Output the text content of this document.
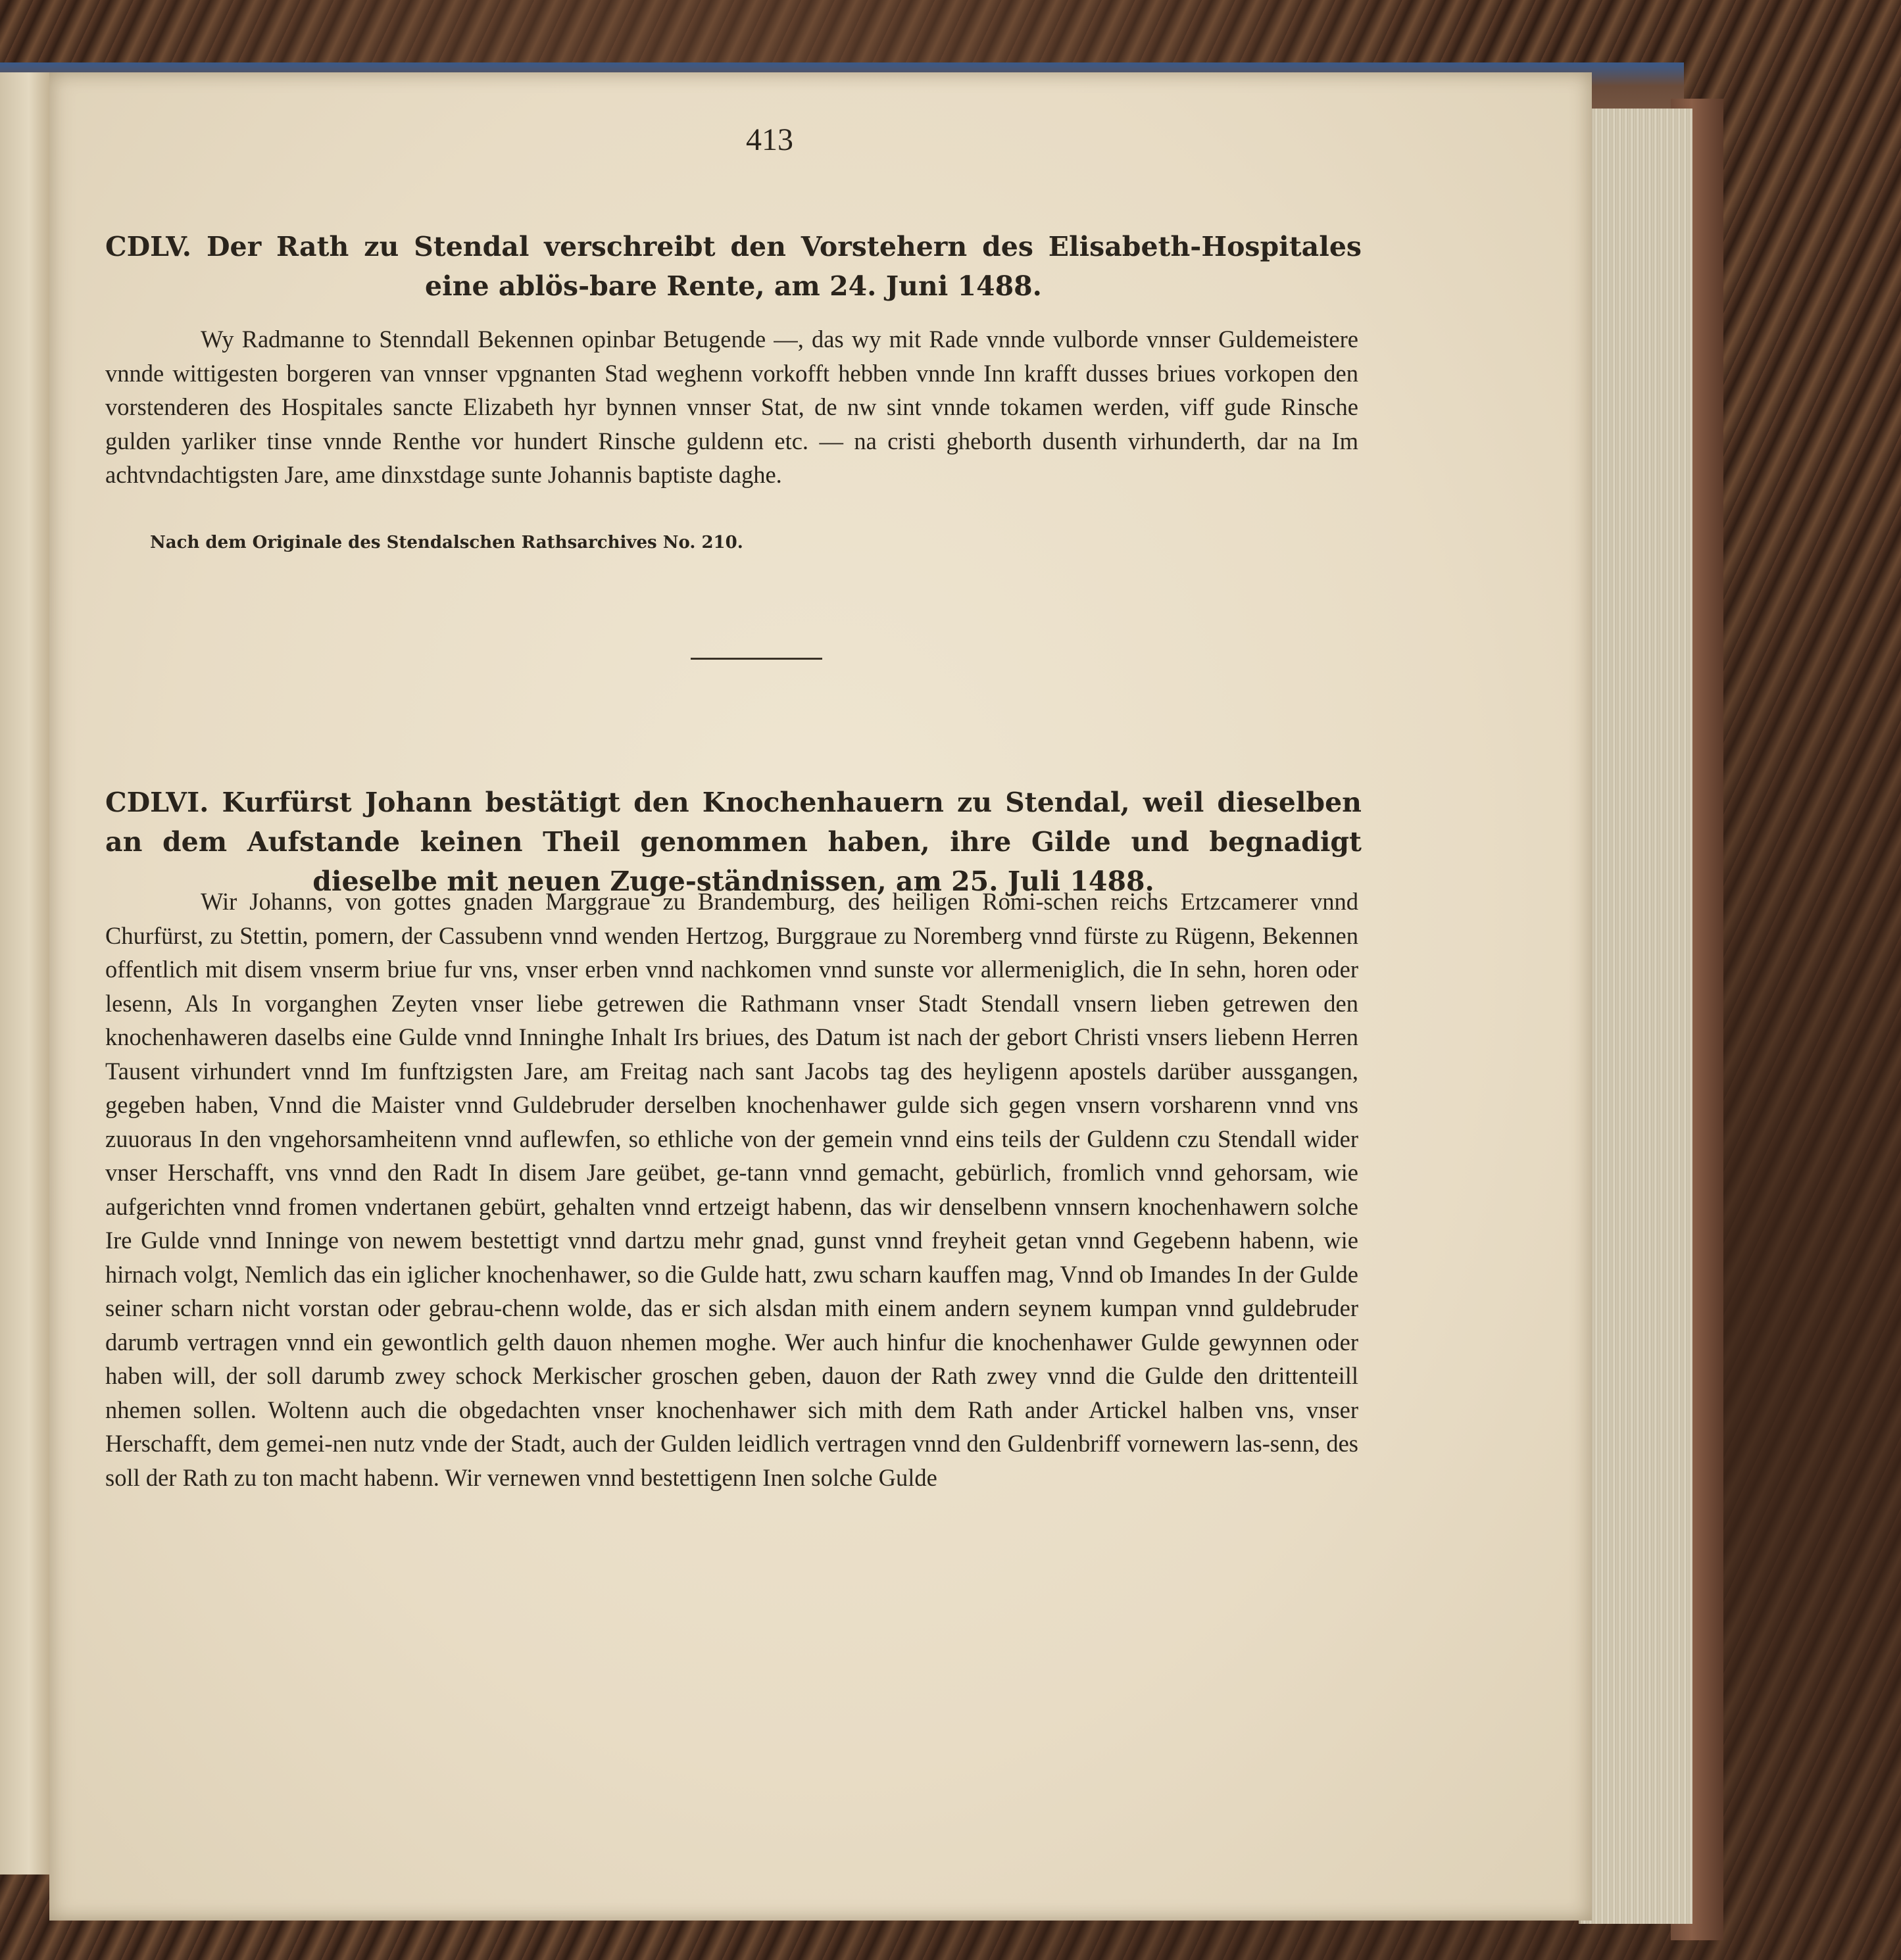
413
CDLV. Der Rath zu Stendal verschreibt den Vorstehern des Elisabeth-Hospitales eine ablös-bare Rente, am 24. Juni 1488.

Wy Radmanne to Stenndall Bekennen opinbar Betugende —, das wy mit Rade vnnde vulborde vnnser Guldemeistere vnnde wittigesten borgeren van vnnser vpgnanten Stad weghenn vorkofft hebben vnnde Inn krafft dusses briues vorkopen den vorstenderen des Hospitales sancte Elizabeth hyr bynnen vnnser Stat, de nw sint vnnde tokamen werden, viff gude Rinsche gulden yarliker tinse vnnde Renthe vor hundert Rinsche guldenn etc. — na cristi gheborth dusenth virhunderth, dar na Im achtvndachtigsten Jare, ame dinxstdage sunte Johannis baptiste daghe.

Nach dem Originale des Stendalschen Rathsarchives No. 210.
CDLVI. Kurfürst Johann bestätigt den Knochenhauern zu Stendal, weil dieselben an dem Aufstande keinen Theil genommen haben, ihre Gilde und begnadigt dieselbe mit neuen Zuge-ständnissen, am 25. Juli 1488.

Wir Johanns, von gottes gnaden Marggraue zu Brandemburg, des heiligen Romi-schen reichs Ertzcamerer vnnd Churfürst, zu Stettin, pomern, der Cassubenn vnnd wenden Hertzog, Burggraue zu Noremberg vnnd fürste zu Rügenn, Bekennen offentlich mit disem vnserm briue fur vns, vnser erben vnnd nachkomen vnnd sunste vor allermeniglich, die In sehn, horen oder lesenn, Als In vorganghen Zeyten vnser liebe getrewen die Rathmann vnser Stadt Stendall vnsern lieben getrewen den knochenhaweren daselbs eine Gulde vnnd Inninghe Inhalt Irs briues, des Datum ist nach der gebort Christi vnsers liebenn Herren Tausent virhundert vnnd Im funftzigsten Jare, am Freitag nach sant Jacobs tag des heyligenn apostels darüber aussgangen, gegeben haben, Vnnd die Maister vnnd Guldebruder derselben knochenhawer gulde sich gegen vnsern vorsharenn vnnd vns zuuoraus In den vngehorsamheitenn vnnd auflewfen, so ethliche von der gemein vnnd eins teils der Guldenn czu Stendall wider vnser Herschafft, vns vnnd den Radt In disem Jare geübet, ge-tann vnnd gemacht, gebürlich, fromlich vnnd gehorsam, wie aufgerichten vnnd fromen vndertanen gebürt, gehalten vnnd ertzeigt habenn, das wir denselbenn vnnsern knochenhawern solche Ire Gulde vnnd Inninge von newem bestettigt vnnd dartzu mehr gnad, gunst vnnd freyheit getan vnnd Gegebenn habenn, wie hirnach volgt, Nemlich das ein iglicher knochenhawer, so die Gulde hatt, zwu scharn kauffen mag, Vnnd ob Imandes In der Gulde seiner scharn nicht vorstan oder gebrau-chenn wolde, das er sich alsdan mith einem andern seynem kumpan vnnd guldebruder darumb vertragen vnnd ein gewontlich gelth dauon nhemen moghe. Wer auch hinfur die knochenhawer Gulde gewynnen oder haben will, der soll darumb zwey schock Merkischer groschen geben, dauon der Rath zwey vnnd die Gulde den drittenteill nhemen sollen. Woltenn auch die obgedachten vnser knochenhawer sich mith dem Rath ander Artickel halben vns, vnser Herschafft, dem gemei-nen nutz vnde der Stadt, auch der Gulden leidlich vertragen vnnd den Guldenbriff vornewern las-senn, des soll der Rath zu ton macht habenn. Wir vernewen vnnd bestettigenn Inen solche Gulde
